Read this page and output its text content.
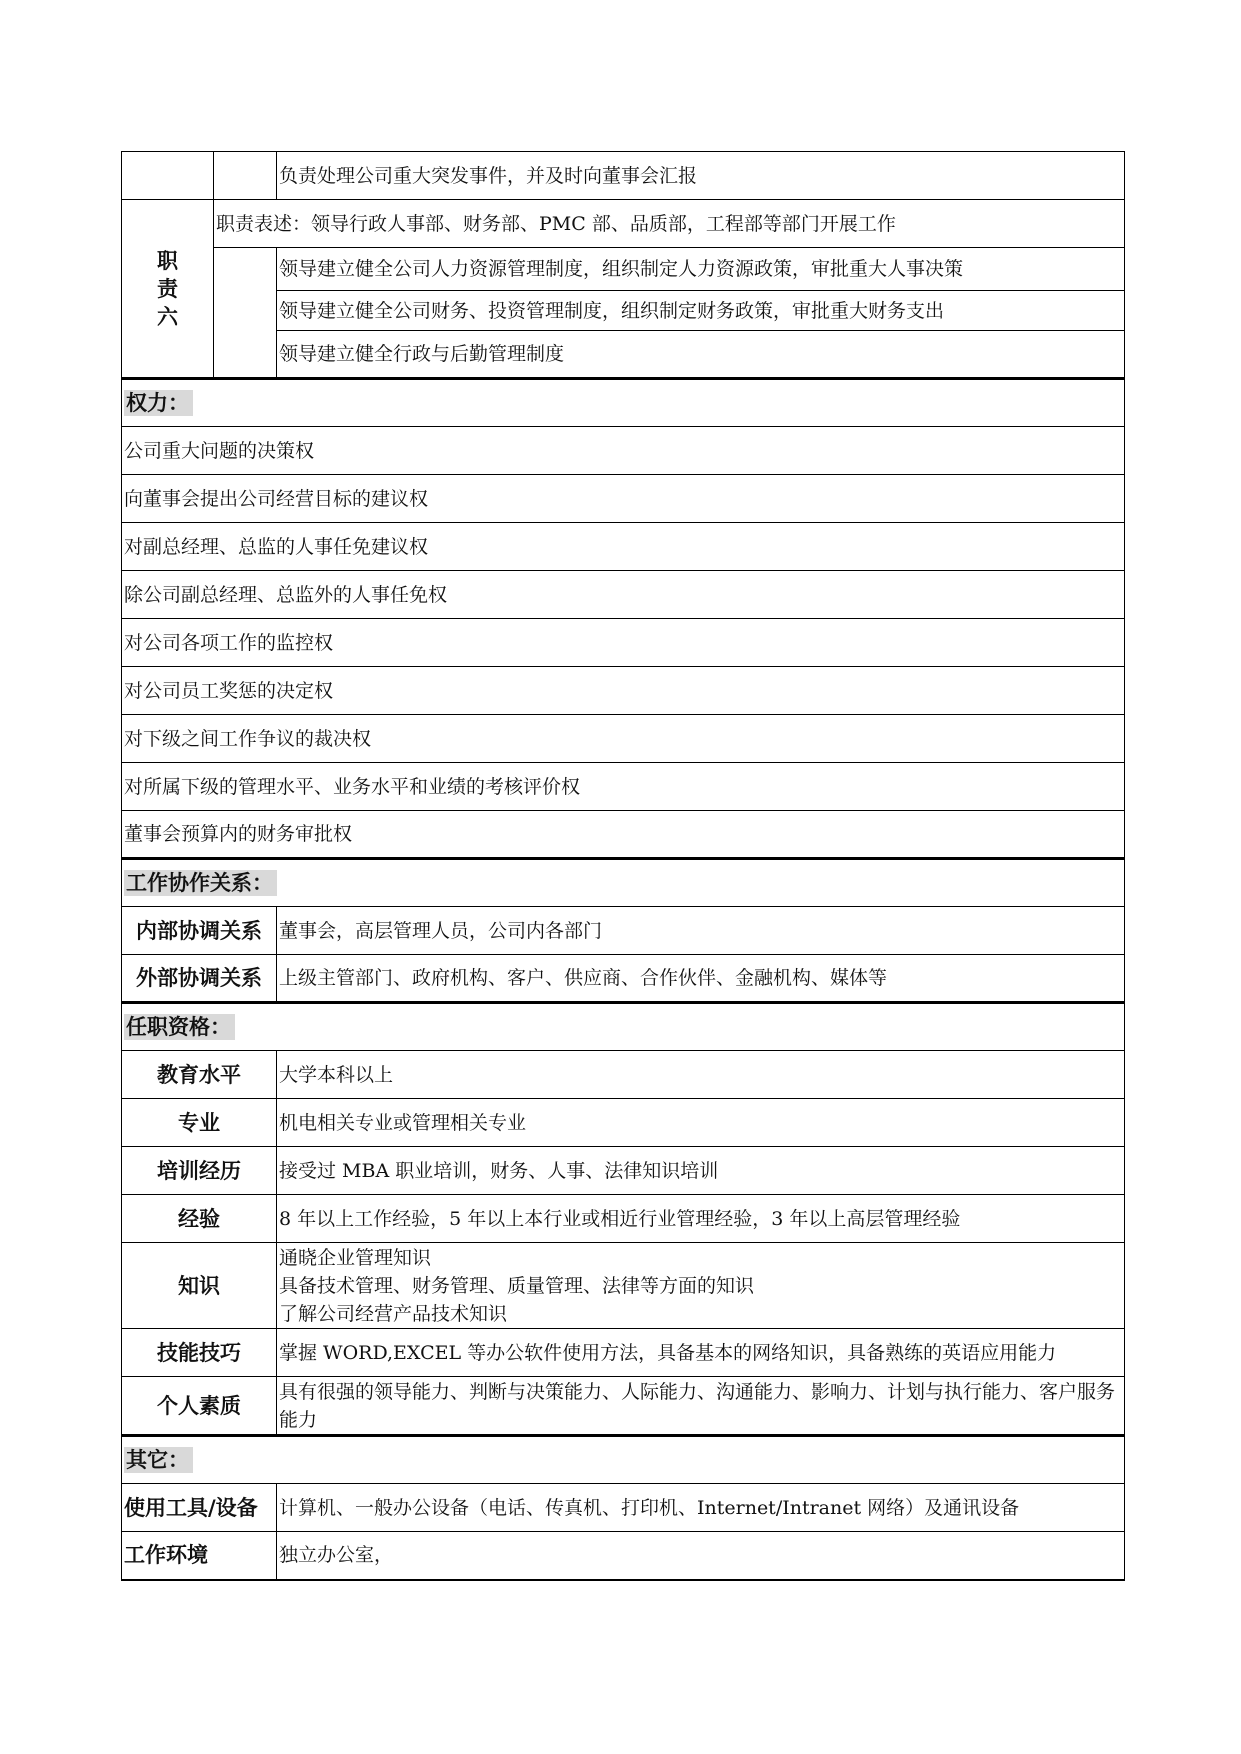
		负责处理公司重大突发事件，并及时向董事会汇报

职
责
六	职责表述：领导行政人事部、财务部、PMC 部、品质部，工程部等部门开展工作	
		领导建立健全公司人力资源管理制度，组织制定人力资源政策，审批重大人事决策
		领导建立健全公司财务、投资管理制度，组织制定财务政策，审批重大财务支出
		领导建立健全行政与后勤管理制度
权力：		
公司重大问题的决策权		
向董事会提出公司经营目标的建议权		
对副总经理、总监的人事任免建议权		
除公司副总经理、总监外的人事任免权		
对公司各项工作的监控权		
对公司员工奖惩的决定权		
对下级之间工作争议的裁决权		
对所属下级的管理水平、业务水平和业绩的考核评价权		
董事会预算内的财务审批权		
工作协作关系：		
内部协调关系		董事会，高层管理人员，公司内各部门
外部协调关系		上级主管部门、政府机构、客户、供应商、合作伙伴、金融机构、媒体等
任职资格：		
教育水平		大学本科以上
专业		机电相关专业或管理相关专业
培训经历		接受过 MBA 职业培训，财务、人事、法律知识培训
经验		8 年以上工作经验，5 年以上本行业或相近行业管理经验，3 年以上高层管理经验
知识		通晓企业管理知识
具备技术管理、财务管理、质量管理、法律等方面的知识
了解公司经营产品技术知识

技能技巧		掌握 WORD,EXCEL 等办公软件使用方法，具备基本的网络知识，具备熟练的英语应用能力
个人素质		具有很强的领导能力、判断与决策能力、人际能力、沟通能力、影响力、计划与执行能力、客户服务能力
其它：		
使用工具/设备		计算机、一般办公设备（电话、传真机、打印机、Internet/Intranet 网络）及通讯设备
工作环境		独立办公室，
